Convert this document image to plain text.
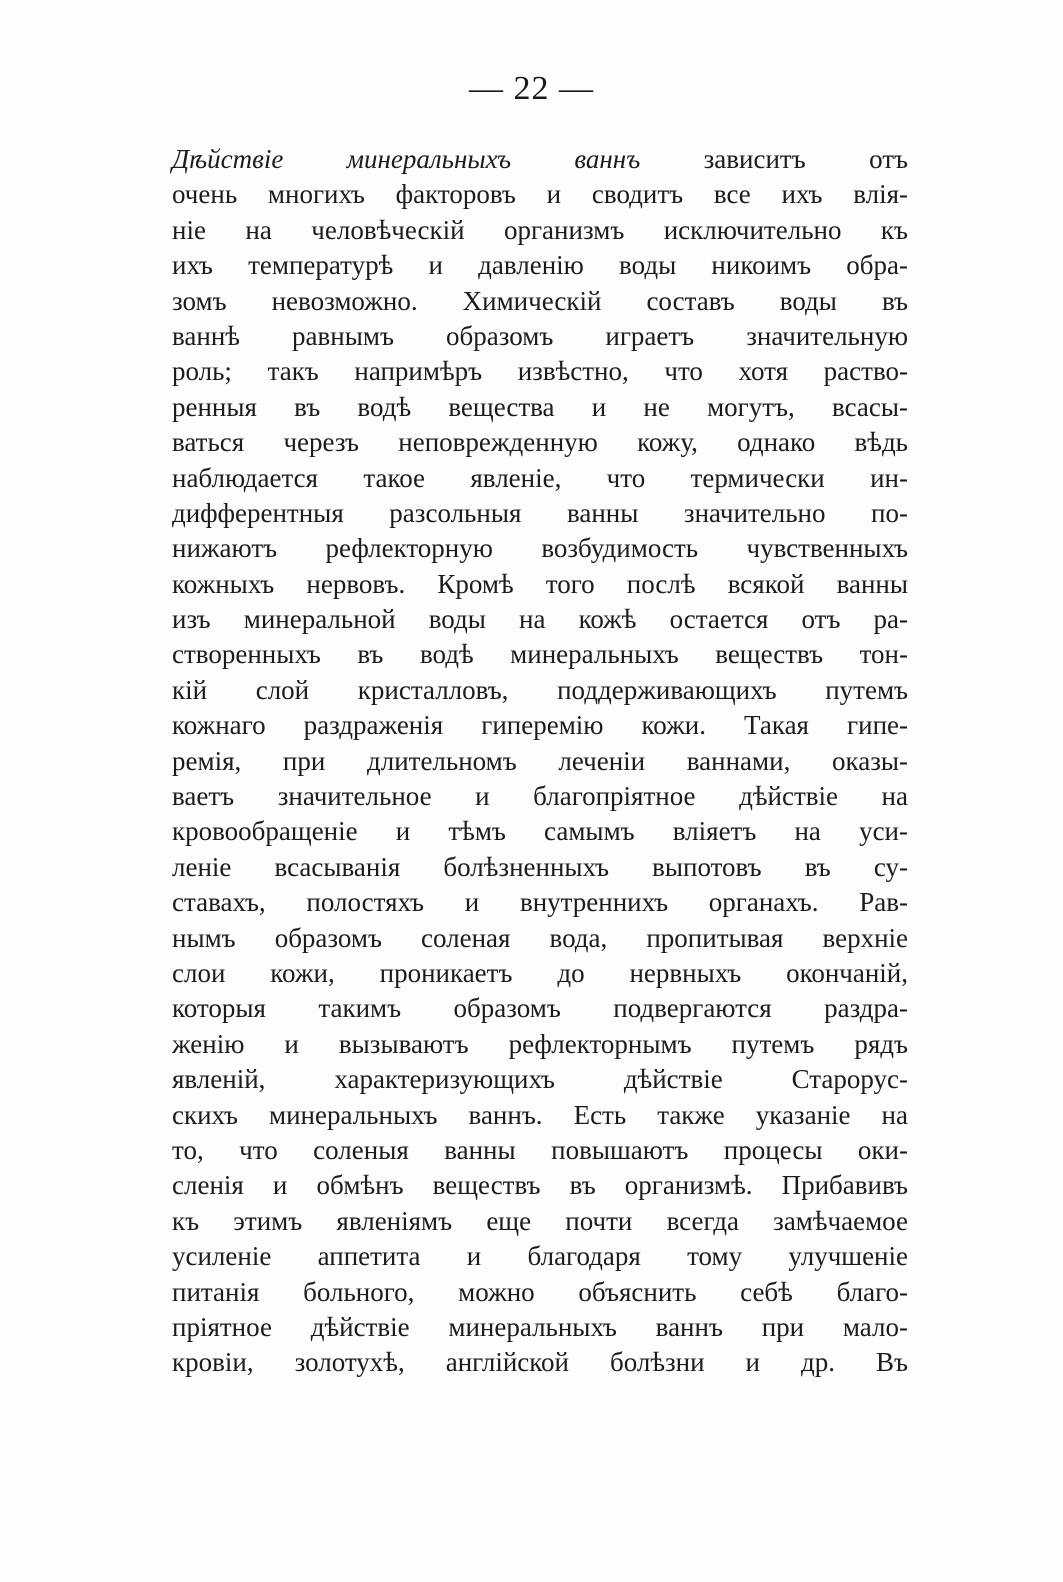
— 22 —
Дѣйствіе минеральныхъ ваннъ зависитъ отъ
очень многихъ факторовъ и сводитъ все ихъ влiя-
нiе на человѣческiй организмъ исключительно къ
ихъ температурѣ и давленiю воды никоимъ обра-
зомъ невозможно. Химическiй составъ воды въ
ваннѣ равнымъ образомъ играетъ значительную
роль; такъ напримѣръ извѣстно, что хотя раство-
ренныя въ водѣ вещества и не могутъ, всасы-
ваться черезъ неповрежденную кожу, однако вѣдь
наблюдается такое явленiе, что термически ин-
дифферентныя разсольныя ванны значительно по-
нижаютъ рефлекторную возбудимость чувственныхъ
кожныхъ нервовъ. Кромѣ того послѣ всякой ванны
изъ минеральной воды на кожѣ остается отъ ра-
створенныхъ въ водѣ минеральныхъ веществъ тон-
кiй слой кристалловъ, поддерживающихъ путемъ
кожнаго раздраженiя гиперемiю кожи. Такая гипе-
ремiя, при длительномъ леченiи ваннами, оказы-
ваетъ значительное и благопрiятное дѣйствiе на
кровообращенiе и тѣмъ самымъ влiяетъ на уси-
ленiе всасыванiя болѣзненныхъ выпотовъ въ су-
ставахъ, полостяхъ и внутреннихъ органахъ. Рав-
нымъ образомъ соленая вода, пропитывая верхнiе
слои кожи, проникаетъ до нервныхъ окончанiй,
которыя такимъ образомъ подвергаются раздра-
женiю и вызываютъ рефлекторнымъ путемъ рядъ
явленiй, характеризующихъ дѣйствiе Старорус-
скихъ минеральныхъ ваннъ. Есть также указанiе на
то, что соленыя ванны повышаютъ процесы оки-
сленiя и обмѣнъ веществъ въ организмѣ. Прибавивъ
къ этимъ явленiямъ еще почти всегда замѣчаемое
усиленiе аппетита и благодаря тому улучшенiе
питанiя больного, можно объяснить себѣ благо-
прiятное дѣйствiе минеральныхъ ваннъ при мало-
кровiи, золотухѣ, англiйской болѣзни и др. Въ
